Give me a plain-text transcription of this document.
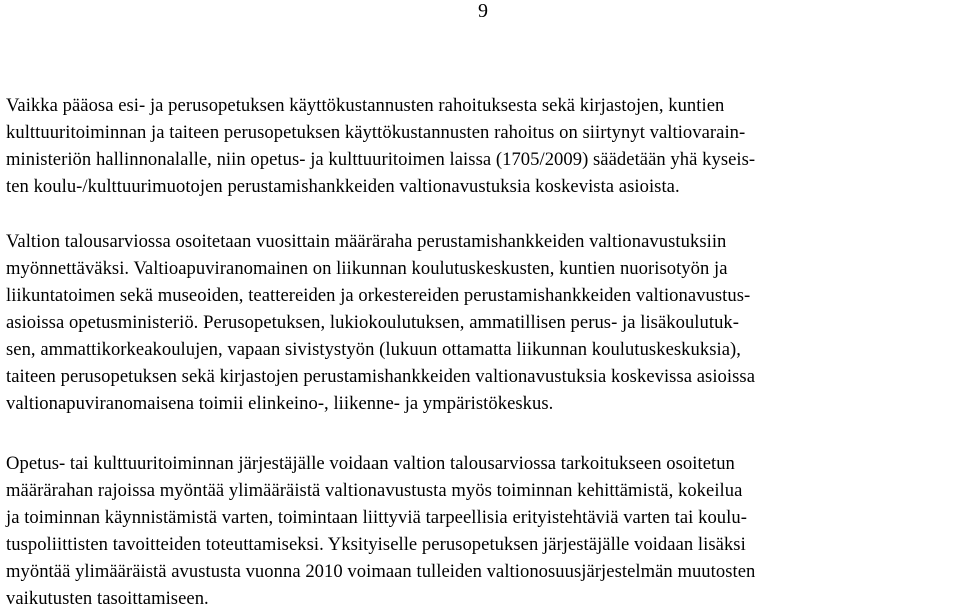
9
Vaikka pääosa esi- ja perusopetuksen käyttökustannusten rahoituksesta sekä kirjastojen, kuntien
kulttuuritoiminnan ja taiteen perusopetuksen käyttökustannusten rahoitus on siirtynyt valtiovarain-
ministeriön hallinnonalalle, niin opetus- ja kulttuuritoimen laissa (1705/2009) säädetään yhä kyseis-
ten koulu-/kulttuurimuotojen perustamishankkeiden valtionavustuksia koskevista asioista.
Valtion talousarviossa osoitetaan vuosittain määräraha perustamishankkeiden valtionavustuksiin
myönnettäväksi. Valtioapuviranomainen on liikunnan koulutuskeskusten, kuntien nuorisotyön ja
liikuntatoimen sekä museoiden, teattereiden ja orkestereiden perustamishankkeiden valtionavustus-
asioissa opetusministeriö. Perusopetuksen, lukiokoulutuksen, ammatillisen perus- ja lisäkoulutuk-
sen, ammattikorkeakoulujen, vapaan sivistystyön (lukuun ottamatta liikunnan koulutuskeskuksia),
taiteen perusopetuksen sekä kirjastojen perustamishankkeiden valtionavustuksia koskevissa asioissa
valtionapuviranomaisena toimii elinkeino-, liikenne- ja ympäristökeskus.
Opetus- tai kulttuuritoiminnan järjestäjälle voidaan valtion talousarviossa tarkoitukseen osoitetun
määrärahan rajoissa myöntää ylimääräistä valtionavustusta myös toiminnan kehittämistä, kokeilua
ja toiminnan käynnistämistä varten, toimintaan liittyviä tarpeellisia erityistehtäviä varten tai koulu-
tuspoliittisten tavoitteiden toteuttamiseksi. Yksityiselle perusopetuksen järjestäjälle voidaan lisäksi
myöntää ylimääräistä avustusta vuonna 2010 voimaan tulleiden valtionosuusjärjestelmän muutosten
vaikutusten tasoittamiseen.
